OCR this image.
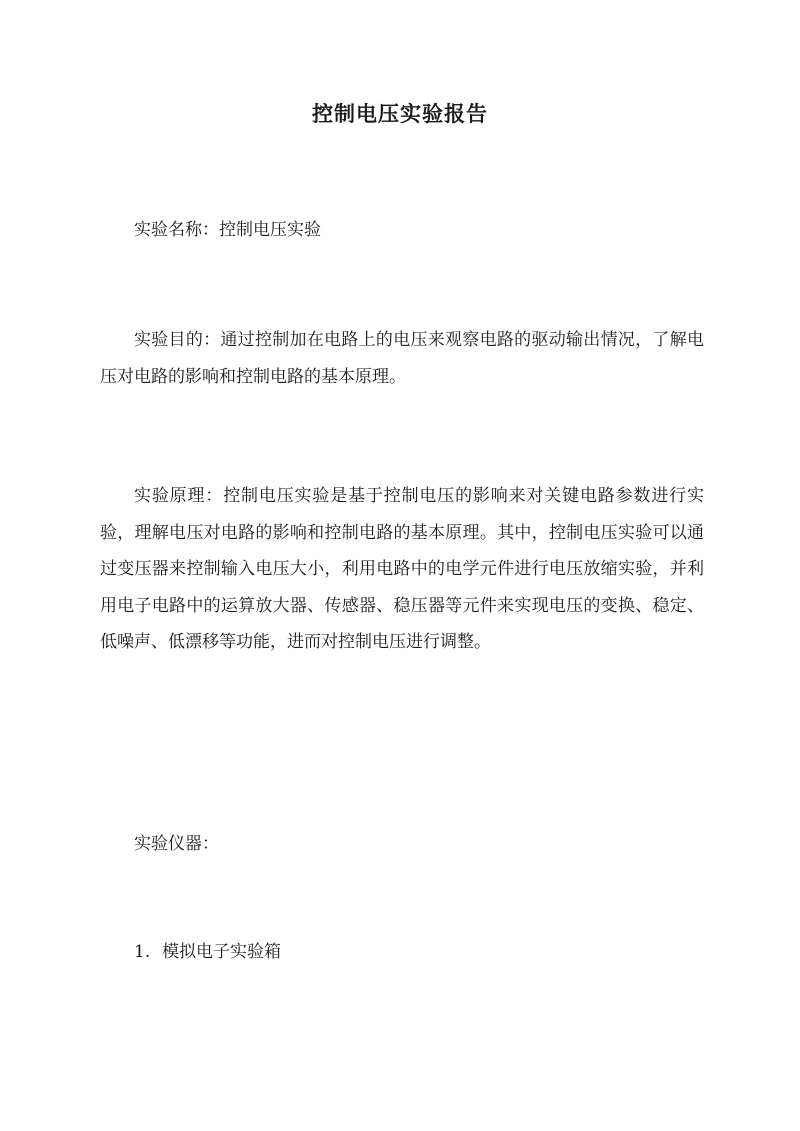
控制电压实验报告

实验名称：控制电压实验

实验目的：通过控制加在电路上的电压来观察电路的驱动输出情况，了解电压对电路的影响和控制电路的基本原理。

实验原理：控制电压实验是基于控制电压的影响来对关键电路参数进行实验，理解电压对电路的影响和控制电路的基本原理。其中，控制电压实验可以通过变压器来控制输入电压大小，利用电路中的电学元件进行电压放缩实验，并利用电子电路中的运算放大器、传感器、稳压器等元件来实现电压的变换、稳定、低噪声、低漂移等功能，进而对控制电压进行调整。

实验仪器：

1. 模拟电子实验箱
